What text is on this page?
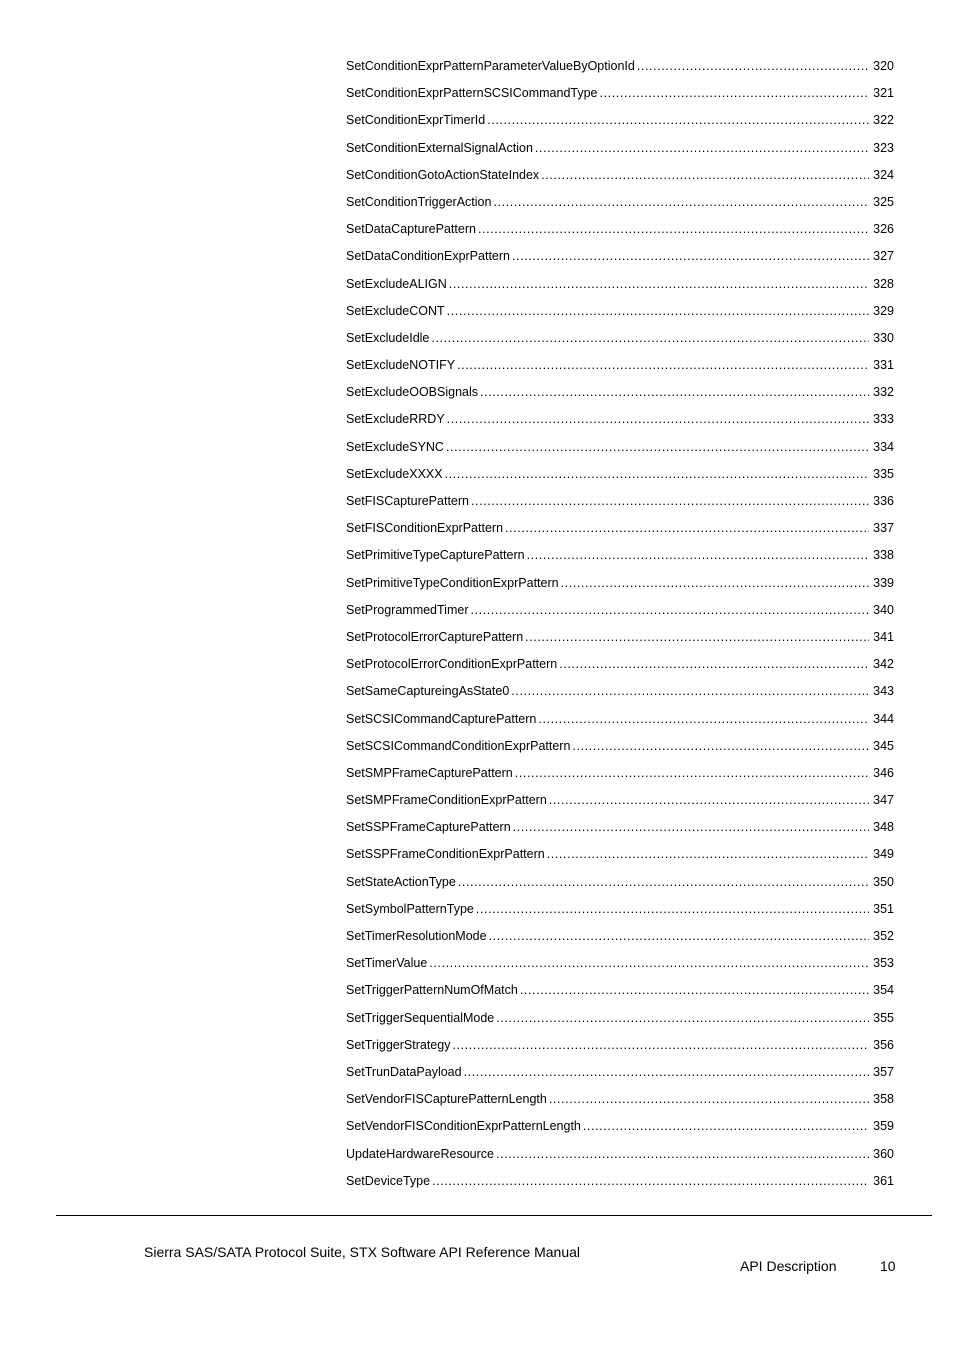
SetConditionExprPatternParameterValueByOptionId .....	320
SetConditionExprPatternSCSICommandType .....	321
SetConditionExprTimerId .....	322
SetConditionExternalSignalAction .....	323
SetConditionGotoActionStateIndex .....	324
SetConditionTriggerAction .....	325
SetDataCapturePattern .....	326
SetDataConditionExprPattern .....	327
SetExcludeALIGN .....	328
SetExcludeCONT .....	329
SetExcludeIdle .....	330
SetExcludeNOTIFY .....	331
SetExcludeOOBSignals .....	332
SetExcludeRRDY .....	333
SetExcludeSYNC .....	334
SetExcludeXXXX .....	335
SetFISCapturePattern .....	336
SetFISConditionExprPattern .....	337
SetPrimitiveTypeCapturePattern .....	338
SetPrimitiveTypeConditionExprPattern .....	339
SetProgrammedTimer .....	340
SetProtocolErrorCapturePattern .....	341
SetProtocolErrorConditionExprPattern .....	342
SetSameCaptureingAsState0 .....	343
SetSCSICommandCapturePattern .....	344
SetSCSICommandConditionExprPattern .....	345
SetSMPFrameCapturePattern .....	346
SetSMPFrameConditionExprPattern .....	347
SetSSPFrameCapturePattern .....	348
SetSSPFrameConditionExprPattern .....	349
SetStateActionType .....	350
SetSymbolPatternType .....	351
SetTimerResolutionMode .....	352
SetTimerValue .....	353
SetTriggerPatternNumOfMatch .....	354
SetTriggerSequentialMode .....	355
SetTriggerStrategy .....	356
SetTrunDataPayload .....	357
SetVendorFISCapturePatternLength .....	358
SetVendorFISConditionExprPatternLength .....	359
UpdateHardwareResource .....	360
SetDeviceType .....	361
Sierra SAS/SATA Protocol Suite, STX Software API Reference Manual
API Description	10
